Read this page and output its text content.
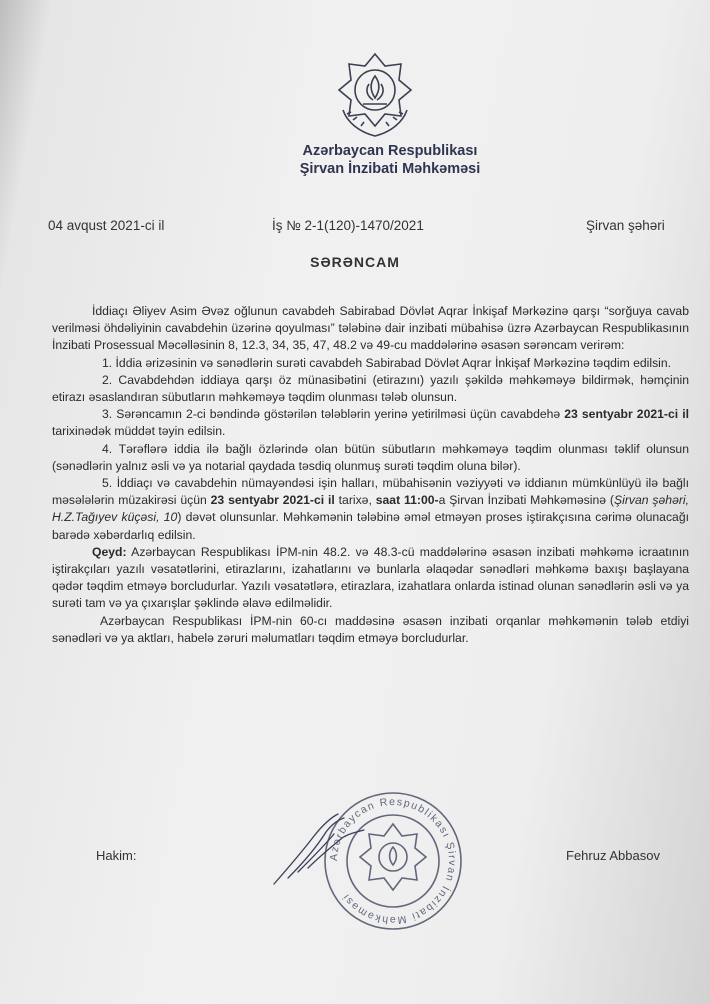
Azərbaycan Respublikası
Şirvan İnzibati Məhkəməsi
04 avqust 2021-ci il	İş № 2-1(120)-1470/2021	Şirvan şəhəri
SƏRƏNCAM

İddiaçı Əliyev Asim Əvəz oğlunun cavabdeh Sabirabad Dövlət Aqrar İnkişaf Mərkəzinə qarşı “sorğuya cavab verilməsi öhdəliyinin cavabdehin üzərinə qoyulması” tələbinə dair inzibati mübahisə üzrə Azərbaycan Respublikasının İnzibati Prosessual Məcəlləsinin 8, 12.3, 34, 35, 47, 48.2 və 49-cu maddələrinə əsasən sərəncam verirəm:

1. İddia ərizəsinin və sənədlərin surəti cavabdeh Sabirabad Dövlət Aqrar İnkişaf Mərkəzinə təqdim edilsin.

2. Cavabdehdən iddiaya qarşı öz münasibətini (etirazını) yazılı şəkildə məhkəməyə bildirmək, həmçinin etirazı əsaslandıran sübutların məhkəməyə təqdim olunması tələb olunsun.

3. Sərəncamın 2-ci bəndində göstərilən tələblərin yerinə yetirilməsi üçün cavabdehə 23 sentyabr 2021-ci il tarixinədək müddət təyin edilsin.

4. Tərəflərə iddia ilə bağlı özlərində olan bütün sübutların məhkəməyə təqdim olunması təklif olunsun (sənədlərin yalnız əsli və ya notarial qaydada təsdiq olunmuş surəti təqdim oluna bilər).

5. İddiaçı və cavabdehin nümayəndəsi işin halları, mübahisənin vəziyyəti və iddianın mümkünlüyü ilə bağlı məsələlərin müzakirəsi üçün 23 sentyabr 2021-ci il tarixə, saat 11:00-a Şirvan İnzibati Məhkəməsinə (Şirvan şəhəri, H.Z.Tağıyev küçəsi, 10) dəvət olunsunlar. Məhkəmənin tələbinə əməl etməyən proses iştirakçısına cərimə olunacağı barədə xəbərdarlıq edilsin.

Qeyd: Azərbaycan Respublikası İPM-nin 48.2. və 48.3-cü maddələrinə əsasən inzibati məhkəmə icraatının iştirakçıları yazılı vəsatətlərini, etirazlarını, izahatlarını və bunlarla əlaqədar sənədləri məhkəmə baxışı başlayana qədər təqdim etməyə borcludurlar. Yazılı vəsatətlərə, etirazlara, izahatlara onlarda istinad olunan sənədlərin əsli və ya surəti tam və ya çıxarışlar şəklində əlavə edilməlidir.

Azərbaycan Respublikası İPM-nin 60-cı maddəsinə əsasən inzibati orqanlar məhkəmənin tələb etdiyi sənədləri və ya aktları, habelə zəruri məlumatları təqdim etməyə borcludurlar.

Hakim:	Azərbaycan Respublikası Şirvan İnzibati Məhkəməsi
Fehruz Abbasov
